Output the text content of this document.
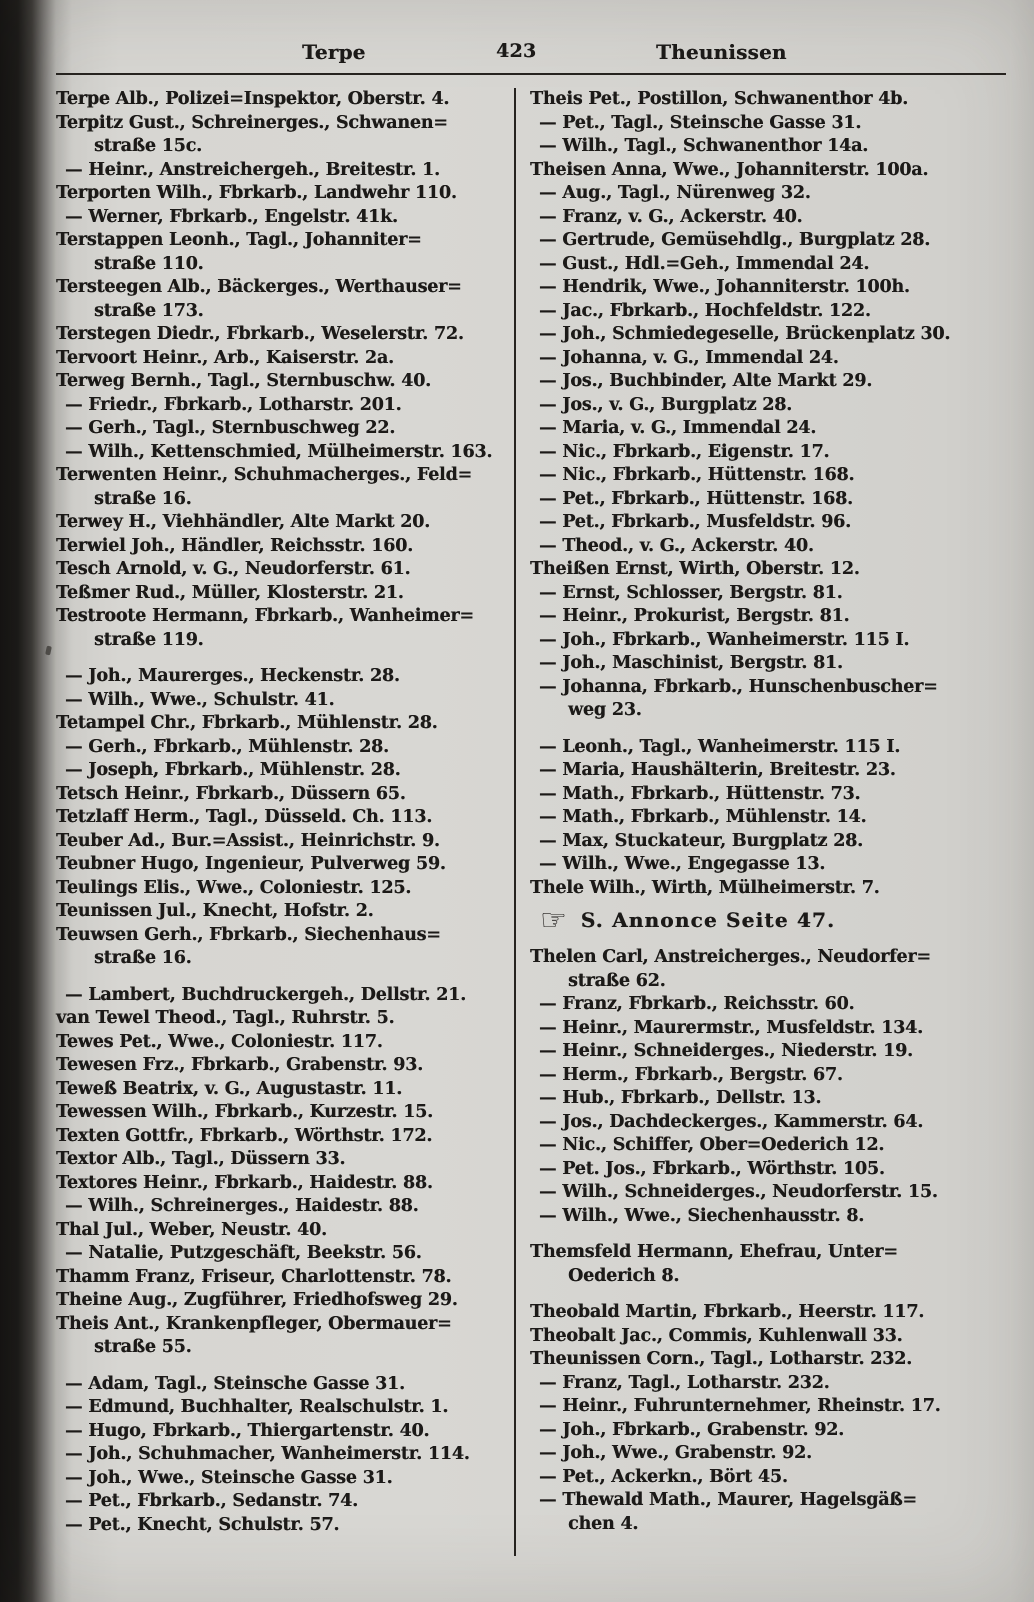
Terpe	423	Theunissen
Terpe Alb., Polizei=Inspektor, Oberstr. 4.
Terpitz Gust., Schreinerges., Schwanen=
straße 15c.
— Heinr., Anstreichergeh., Breitestr. 1.
Terporten Wilh., Fbrkarb., Landwehr 110.
— Werner, Fbrkarb., Engelstr. 41k.
Terstappen Leonh., Tagl., Johanniter=
straße 110.
Tersteegen Alb., Bäckerges., Werthauser=
straße 173.
Terstegen Diedr., Fbrkarb., Weselerstr. 72.
Tervoort Heinr., Arb., Kaiserstr. 2a.
Terweg Bernh., Tagl., Sternbuschw. 40.
— Friedr., Fbrkarb., Lotharstr. 201.
— Gerh., Tagl., Sternbuschweg 22.
— Wilh., Kettenschmied, Mülheimerstr. 163.
Terwenten Heinr., Schuhmacherges., Feld=
straße 16.
Terwey H., Viehhändler, Alte Markt 20.
Terwiel Joh., Händler, Reichsstr. 160.
Tesch Arnold, v. G., Neudorferstr. 61.
Teßmer Rud., Müller, Klosterstr. 21.
Testroote Hermann, Fbrkarb., Wanheimer=
straße 119.
— Joh., Maurerges., Heckenstr. 28.
— Wilh., Wwe., Schulstr. 41.
Tetampel Chr., Fbrkarb., Mühlenstr. 28.
— Gerh., Fbrkarb., Mühlenstr. 28.
— Joseph, Fbrkarb., Mühlenstr. 28.
Tetsch Heinr., Fbrkarb., Düssern 65.
Tetzlaff Herm., Tagl., Düsseld. Ch. 113.
Teuber Ad., Bur.=Assist., Heinrichstr. 9.
Teubner Hugo, Ingenieur, Pulverweg 59.
Teulings Elis., Wwe., Coloniestr. 125.
Teunissen Jul., Knecht, Hofstr. 2.
Teuwsen Gerh., Fbrkarb., Siechenhaus=
straße 16.
— Lambert, Buchdruckergeh., Dellstr. 21.
van Tewel Theod., Tagl., Ruhrstr. 5.
Tewes Pet., Wwe., Coloniestr. 117.
Tewesen Frz., Fbrkarb., Grabenstr. 93.
Teweß Beatrix, v. G., Augustastr. 11.
Tewessen Wilh., Fbrkarb., Kurzestr. 15.
Texten Gottfr., Fbrkarb., Wörthstr. 172.
Textor Alb., Tagl., Düssern 33.
Textores Heinr., Fbrkarb., Haidestr. 88.
— Wilh., Schreinerges., Haidestr. 88.
Thal Jul., Weber, Neustr. 40.
— Natalie, Putzgeschäft, Beekstr. 56.
Thamm Franz, Friseur, Charlottenstr. 78.
Theine Aug., Zugführer, Friedhofsweg 29.
Theis Ant., Krankenpfleger, Obermauer=
straße 55.
— Adam, Tagl., Steinsche Gasse 31.
— Edmund, Buchhalter, Realschulstr. 1.
— Hugo, Fbrkarb., Thiergartenstr. 40.
— Joh., Schuhmacher, Wanheimerstr. 114.
— Joh., Wwe., Steinsche Gasse 31.
— Pet., Fbrkarb., Sedanstr. 74.
— Pet., Knecht, Schulstr. 57.
Theis Pet., Postillon, Schwanenthor 4b.
— Pet., Tagl., Steinsche Gasse 31.
— Wilh., Tagl., Schwanenthor 14a.
Theisen Anna, Wwe., Johanniterstr. 100a.
— Aug., Tagl., Nürenweg 32.
— Franz, v. G., Ackerstr. 40.
— Gertrude, Gemüsehdlg., Burgplatz 28.
— Gust., Hdl.=Geh., Immendal 24.
— Hendrik, Wwe., Johanniterstr. 100h.
— Jac., Fbrkarb., Hochfeldstr. 122.
— Joh., Schmiedegeselle, Brückenplatz 30.
— Johanna, v. G., Immendal 24.
— Jos., Buchbinder, Alte Markt 29.
— Jos., v. G., Burgplatz 28.
— Maria, v. G., Immendal 24.
— Nic., Fbrkarb., Eigenstr. 17.
— Nic., Fbrkarb., Hüttenstr. 168.
— Pet., Fbrkarb., Hüttenstr. 168.
— Pet., Fbrkarb., Musfeldstr. 96.
— Theod., v. G., Ackerstr. 40.
Theißen Ernst, Wirth, Oberstr. 12.
— Ernst, Schlosser, Bergstr. 81.
— Heinr., Prokurist, Bergstr. 81.
— Joh., Fbrkarb., Wanheimerstr. 115 I.
— Joh., Maschinist, Bergstr. 81.
— Johanna, Fbrkarb., Hunschenbuscher=
weg 23.
— Leonh., Tagl., Wanheimerstr. 115 I.
— Maria, Haushälterin, Breitestr. 23.
— Math., Fbrkarb., Hüttenstr. 73.
— Math., Fbrkarb., Mühlenstr. 14.
— Max, Stuckateur, Burgplatz 28.
— Wilh., Wwe., Engegasse 13.
Thele Wilh., Wirth, Mülheimerstr. 7.
☞ S. Annonce Seite 47.
Thelen Carl, Anstreicherges., Neudorfer=
straße 62.
— Franz, Fbrkarb., Reichsstr. 60.
— Heinr., Maurermstr., Musfeldstr. 134.
— Heinr., Schneiderges., Niederstr. 19.
— Herm., Fbrkarb., Bergstr. 67.
— Hub., Fbrkarb., Dellstr. 13.
— Jos., Dachdeckerges., Kammerstr. 64.
— Nic., Schiffer, Ober=Oederich 12.
— Pet. Jos., Fbrkarb., Wörthstr. 105.
— Wilh., Schneiderges., Neudorferstr. 15.
— Wilh., Wwe., Siechenhausstr. 8.
Themsfeld Hermann, Ehefrau, Unter=
Oederich 8.
Theobald Martin, Fbrkarb., Heerstr. 117.
Theobalt Jac., Commis, Kuhlenwall 33.
Theunissen Corn., Tagl., Lotharstr. 232.
— Franz, Tagl., Lotharstr. 232.
— Heinr., Fuhrunternehmer, Rheinstr. 17.
— Joh., Fbrkarb., Grabenstr. 92.
— Joh., Wwe., Grabenstr. 92.
— Pet., Ackerkn., Bört 45.
— Thewald Math., Maurer, Hagelsgäß=
chen 4.
